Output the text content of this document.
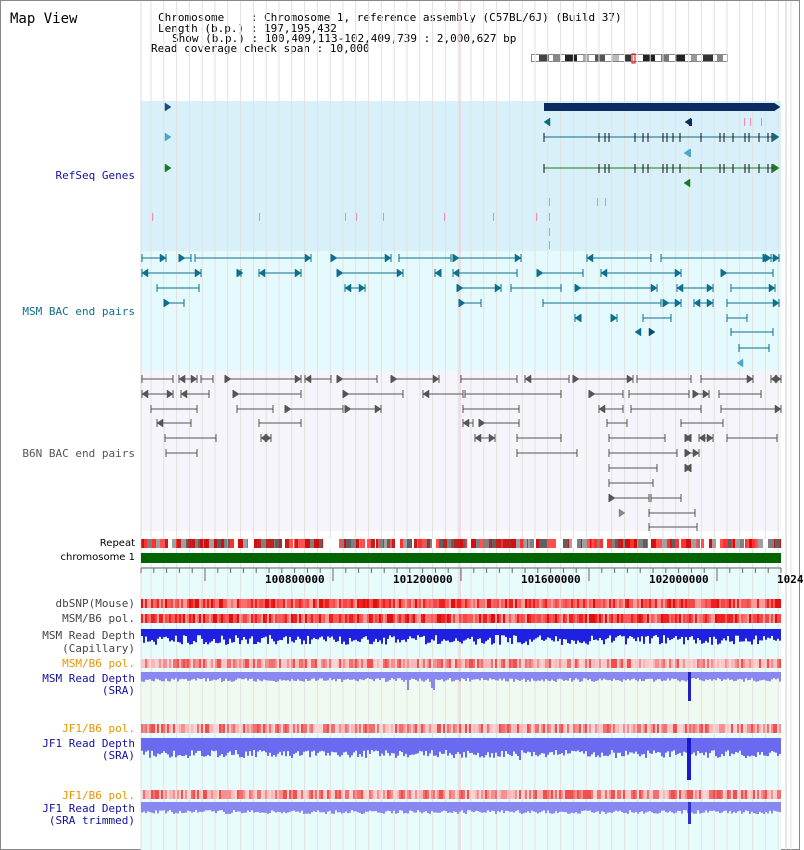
Map View	Chromosome    : Chromosome 1, reference assembly (C57BL/6J) (Build 37)
Length (b.p.) : 197,195,432
Show (b.p.) : 100,409,113-102,409,739 : 2,000,627 bp
Read coverage check span : 10,000
RefSeq Genes
MSM BAC end pairs
B6N BAC end pairs
Repeat
chromosome 1
100800000	101200000	101600000	102000000	1024
dbSNP(Mouse)
MSM/B6 pol.
MSM Read Depth
(Capillary)
MSM/B6 pol.
MSM Read Depth
(SRA)
JF1/B6 pol.
JF1 Read Depth
(SRA)
JF1/B6 pol.
JF1 Read Depth
(SRA trimmed)
